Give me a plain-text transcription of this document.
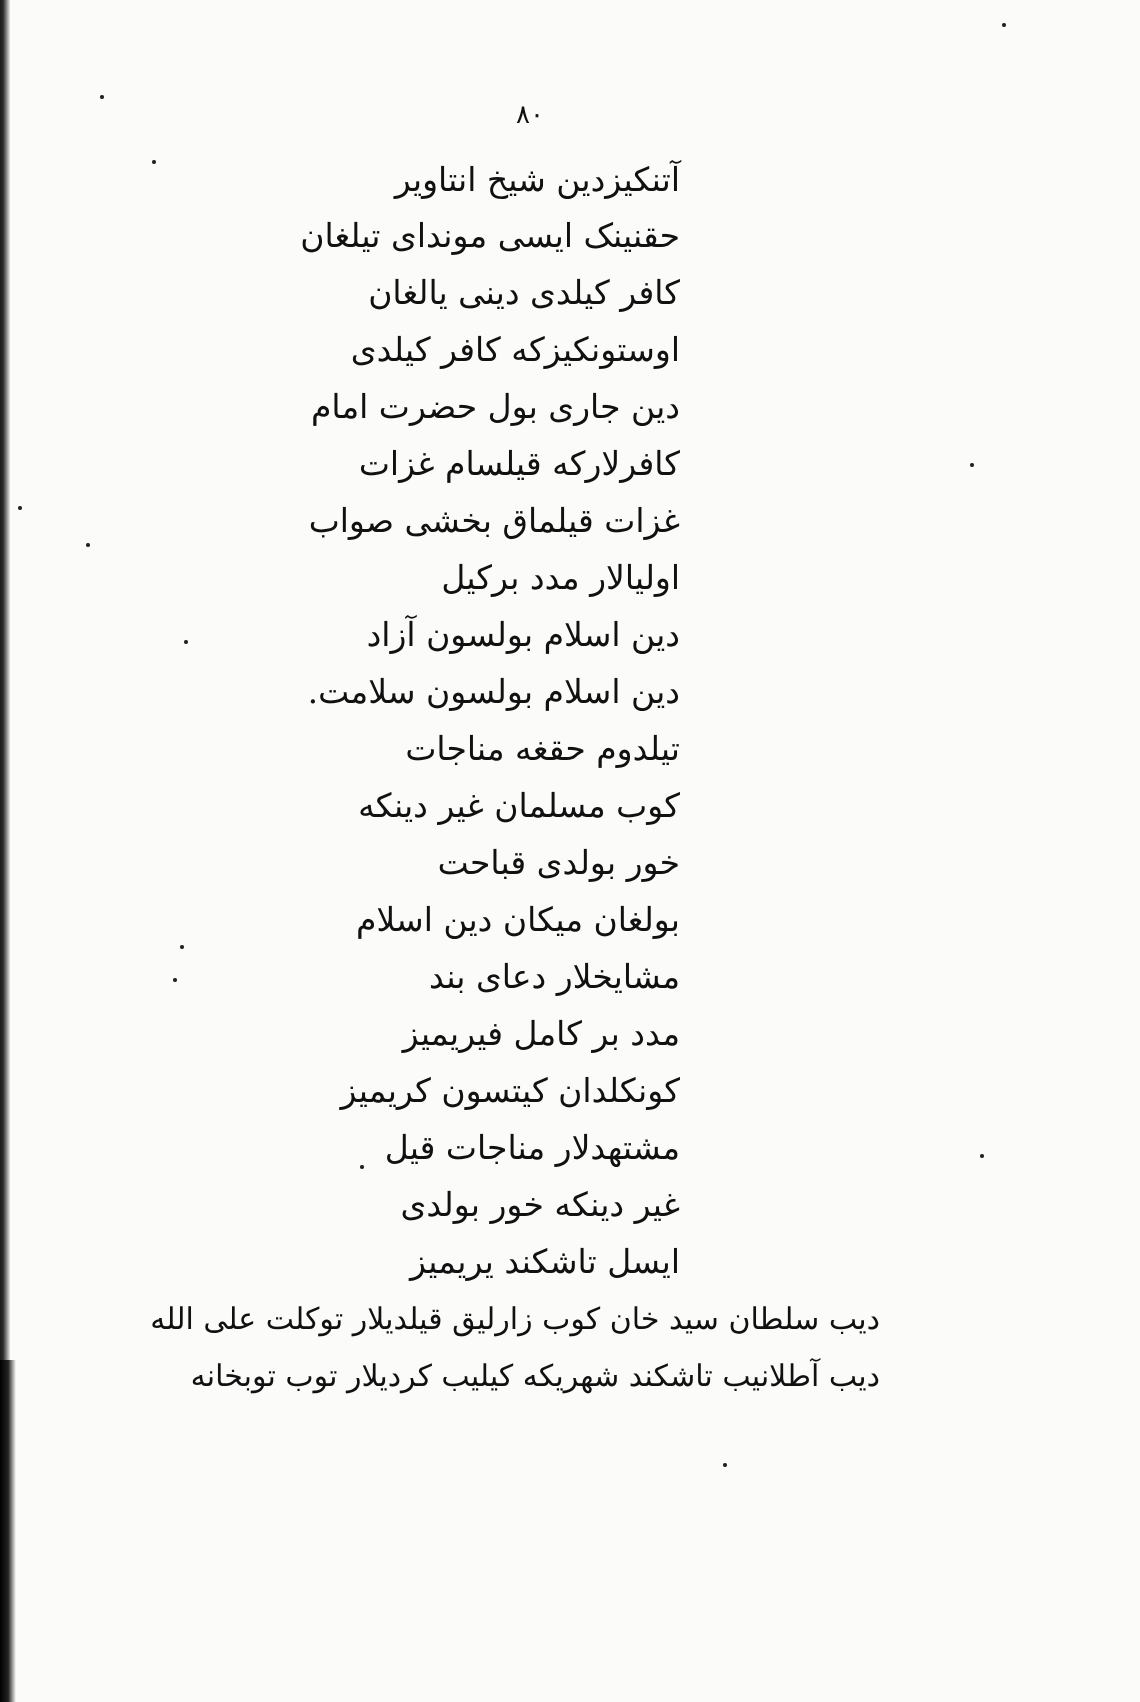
۸۰
آتنکیزدین شیخ انتاویر
حقنینک ایسی موندای تیلغان
کافر کیلدی دینی یالغان
اوستونکیزکه کافر کیلدی
دین جاری بول حضرت امام
کافرلارکه قیلسام غزات
غزات قیلماق بخشی صواب
اولیالار مدد برکیل
دین اسلام بولسون آزاد
دین اسلام بولسون سلامت.
تیلدوم حقغه مناجات
کوب مسلمان غیر دینکه
خور بولدی قباحت
بولغان میکان دین اسلام
مشایخلار دعای بند
مدد بر کامل فیریمیز
کونکلدان کیتسون کریمیز
مشتهدلار مناجات قیل
غیر دینکه خور بولدی
ایسل تاشکند یریمیز
دیب سلطان سید خان کوب زارلیق قیلدیلار توکلت علی الله
دیب آطلانیب تاشکند شهریکه کیلیب کردیلار توب توبخانه
